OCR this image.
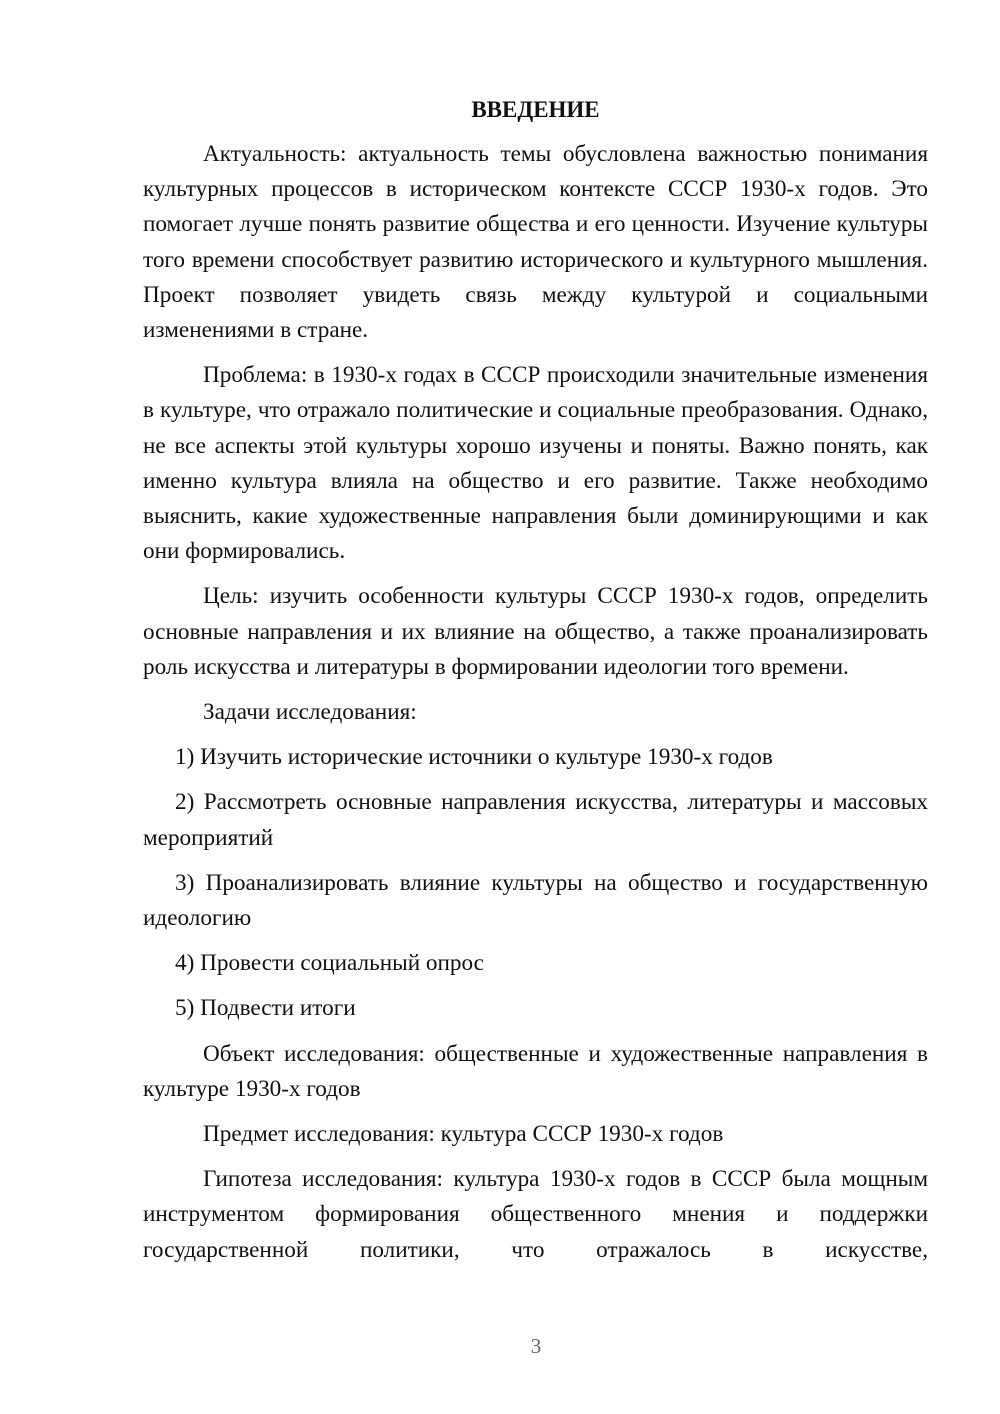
ВВЕДЕНИЕ

Актуальность: актуальность темы обусловлена важностью понимания культурных процессов в историческом контексте СССР 1930-х годов. Это помогает лучше понять развитие общества и его ценности. Изучение культуры того времени способствует развитию исторического и культурного мышления. Проект позволяет увидеть связь между культурой и социальными изменениями в стране.

Проблема: в 1930-х годах в СССР происходили значительные изменения в культуре, что отражало политические и социальные преобразования. Однако, не все аспекты этой культуры хорошо изучены и поняты. Важно понять, как именно культура влияла на общество и его развитие. Также необходимо выяснить, какие художественные направления были доминирующими и как они формировались.

Цель: изучить особенности культуры СССР 1930-х годов, определить основные направления и их влияние на общество, а также проанализировать роль искусства и литературы в формировании идеологии того времени.

Задачи исследования:

1) Изучить исторические источники о культуре 1930-х годов

2) Рассмотреть основные направления искусства, литературы и массовых мероприятий

3) Проанализировать влияние культуры на общество и государственную идеологию

4) Провести социальный опрос

5) Подвести итоги

Объект исследования: общественные и художественные направления в культуре 1930-х годов

Предмет исследования: культура СССР 1930-х годов

Гипотеза исследования: культура 1930-х годов в СССР была мощным инструментом формирования общественного мнения и поддержки государственной политики, что отражалось в искусстве,

3
